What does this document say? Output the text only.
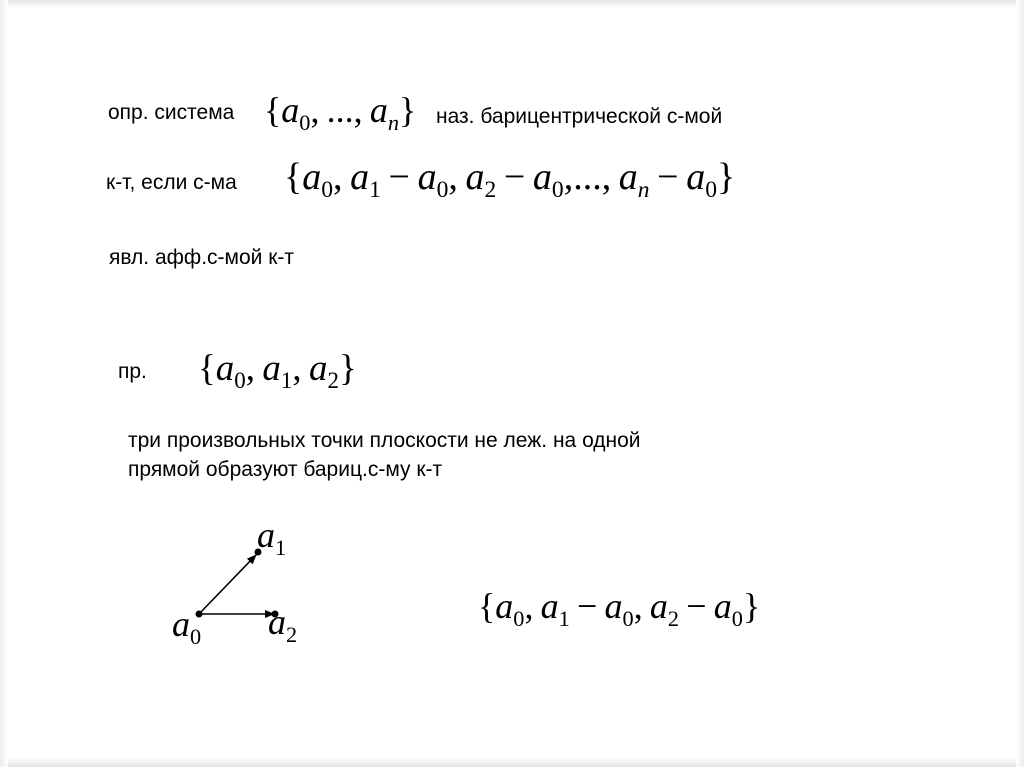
опр. система {$a_0$, ..., $a_n$} наз. барицентрической с-мой
к-т, если с-ма {$a_0$, $a_1 - a_0$, $a_2 - a_0$,..., $a_n - a_0$}
явл. афф.с-мой к-т
пр. {$a_0$, $a_1$, $a_2$}
три произвольных точки плоскости не леж. на одной
прямой образуют бариц.с-му к-т
$a_0$
$a_1$
$a_2$
{$a_0$, $a_1 - a_0$, $a_2 - a_0$}
